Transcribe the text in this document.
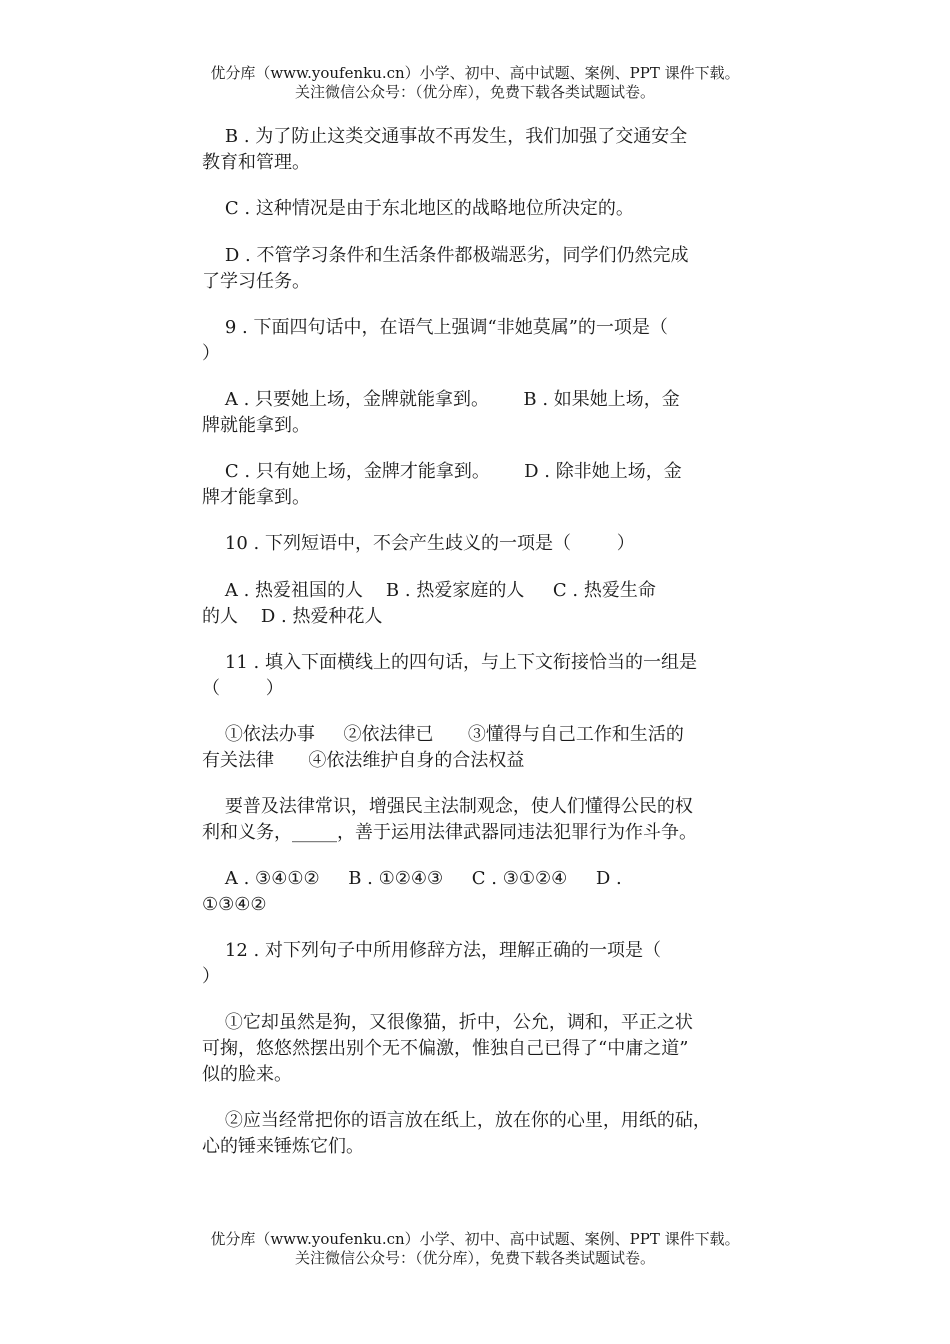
优分库（www.youfenku.cn）小学、初中、高中试题、案例、PPT 课件下载。
关注微信公众号：（优分库），免费下载各类试题试卷。
B . 为了防止这类交通事故不再发生，我们加强了交通安全
教育和管理。
C . 这种情况是由于东北地区的战略地位所决定的。
D . 不管学习条件和生活条件都极端恶劣，同学们仍然完成
了学习任务。
9 . 下面四句话中，在语气上强调“非她莫属”的一项是（
）
A . 只要她上场，金牌就能拿到。      B . 如果她上场，金
牌就能拿到。
C . 只有她上场，金牌才能拿到。      D . 除非她上场，金
牌才能拿到。
10 . 下列短语中，不会产生歧义的一项是（        ）
A . 热爱祖国的人    B . 热爱家庭的人     C . 热爱生命
的人    D . 热爱种花人
11 . 填入下面横线上的四句话，与上下文衔接恰当的一组是
（        ）
①依法办事     ②依法律已      ③懂得与自己工作和生活的
有关法律      ④依法维护自身的合法权益
要普及法律常识，增强民主法制观念，使人们懂得公民的权
利和义务，_____，善于运用法律武器同违法犯罪行为作斗争。
A . ③④①②     B . ①②④③     C . ③①②④     D .
①③④②
12 . 对下列句子中所用修辞方法，理解正确的一项是（
）
①它却虽然是狗，又很像猫，折中，公允，调和，平正之状
可掬，悠悠然摆出别个无不偏激，惟独自己已得了“中庸之道”
似的脸来。
②应当经常把你的语言放在纸上，放在你的心里，用纸的砧，
心的锤来锤炼它们。
优分库（www.youfenku.cn）小学、初中、高中试题、案例、PPT 课件下载。
关注微信公众号：（优分库），免费下载各类试题试卷。
